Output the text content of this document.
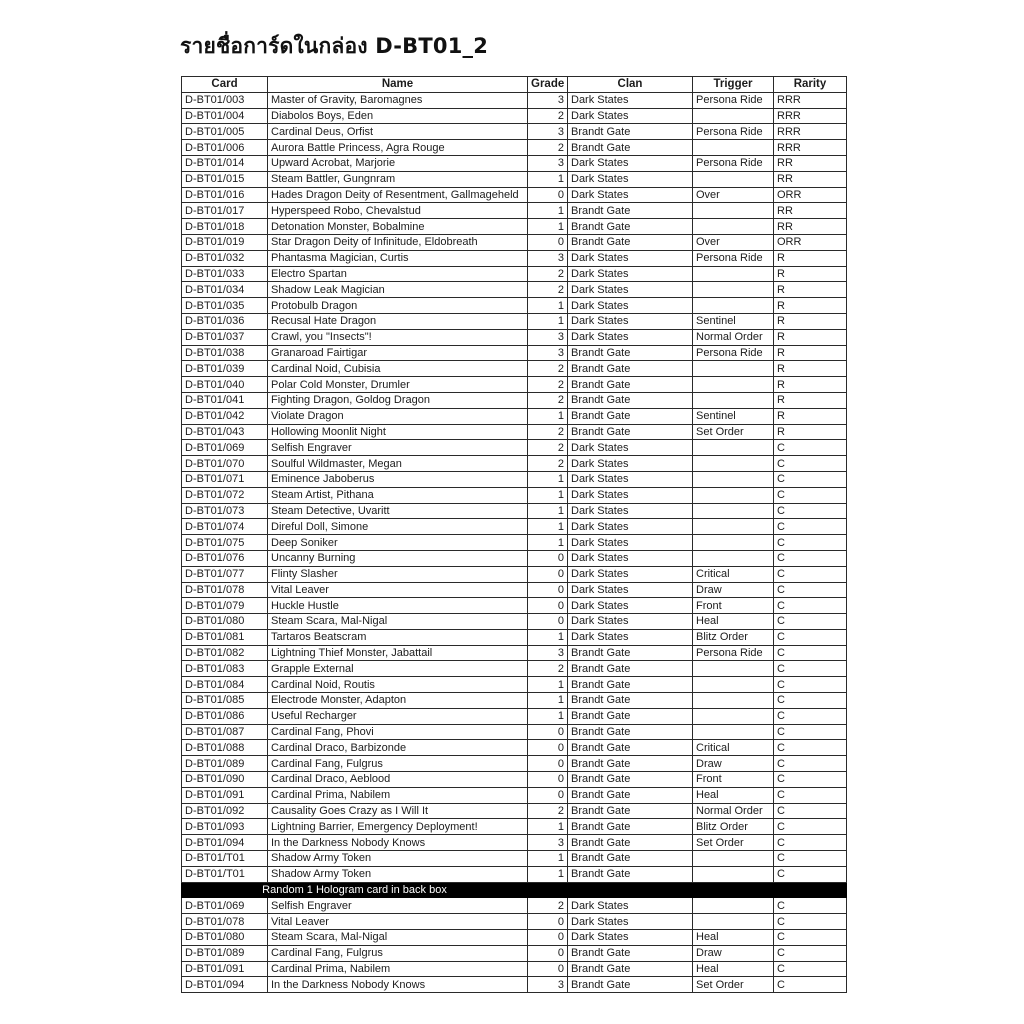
รายชื่อการ์ดในกล่อง D-BT01_2
Card	Name	Grade	Clan	Trigger	Rarity
D-BT01/003	Master of Gravity, Baromagnes	3	Dark States	Persona Ride	RRR
D-BT01/004	Diabolos Boys, Eden	2	Dark States		RRR
D-BT01/005	Cardinal Deus, Orfist	3	Brandt Gate	Persona Ride	RRR
D-BT01/006	Aurora Battle Princess, Agra Rouge	2	Brandt Gate		RRR
D-BT01/014	Upward Acrobat, Marjorie	3	Dark States	Persona Ride	RR
D-BT01/015	Steam Battler, Gungnram	1	Dark States		RR
D-BT01/016	Hades Dragon Deity of Resentment, Gallmageheld	0	Dark States	Over	ORR
D-BT01/017	Hyperspeed Robo, Chevalstud	1	Brandt Gate		RR
D-BT01/018	Detonation Monster, Bobalmine	1	Brandt Gate		RR
D-BT01/019	Star Dragon Deity of Infinitude, Eldobreath	0	Brandt Gate	Over	ORR
D-BT01/032	Phantasma Magician, Curtis	3	Dark States	Persona Ride	R
D-BT01/033	Electro Spartan	2	Dark States		R
D-BT01/034	Shadow Leak Magician	2	Dark States		R
D-BT01/035	Protobulb Dragon	1	Dark States		R
D-BT01/036	Recusal Hate Dragon	1	Dark States	Sentinel	R
D-BT01/037	Crawl, you "Insects"!	3	Dark States	Normal Order	R
D-BT01/038	Granaroad Fairtigar	3	Brandt Gate	Persona Ride	R
D-BT01/039	Cardinal Noid, Cubisia	2	Brandt Gate		R
D-BT01/040	Polar Cold Monster, Drumler	2	Brandt Gate		R
D-BT01/041	Fighting Dragon, Goldog Dragon	2	Brandt Gate		R
D-BT01/042	Violate Dragon	1	Brandt Gate	Sentinel	R
D-BT01/043	Hollowing Moonlit Night	2	Brandt Gate	Set Order	R
D-BT01/069	Selfish Engraver	2	Dark States		C
D-BT01/070	Soulful Wildmaster, Megan	2	Dark States		C
D-BT01/071	Eminence Jaboberus	1	Dark States		C
D-BT01/072	Steam Artist, Pithana	1	Dark States		C
D-BT01/073	Steam Detective, Uvaritt	1	Dark States		C
D-BT01/074	Direful Doll, Simone	1	Dark States		C
D-BT01/075	Deep Soniker	1	Dark States		C
D-BT01/076	Uncanny Burning	0	Dark States		C
D-BT01/077	Flinty Slasher	0	Dark States	Critical	C
D-BT01/078	Vital Leaver	0	Dark States	Draw	C
D-BT01/079	Huckle Hustle	0	Dark States	Front	C
D-BT01/080	Steam Scara, Mal-Nigal	0	Dark States	Heal	C
D-BT01/081	Tartaros Beatscram	1	Dark States	Blitz Order	C
D-BT01/082	Lightning Thief Monster, Jabattail	3	Brandt Gate	Persona Ride	C
D-BT01/083	Grapple External	2	Brandt Gate		C
D-BT01/084	Cardinal Noid, Routis	1	Brandt Gate		C
D-BT01/085	Electrode Monster, Adapton	1	Brandt Gate		C
D-BT01/086	Useful Recharger	1	Brandt Gate		C
D-BT01/087	Cardinal Fang, Phovi	0	Brandt Gate		C
D-BT01/088	Cardinal Draco, Barbizonde	0	Brandt Gate	Critical	C
D-BT01/089	Cardinal Fang, Fulgrus	0	Brandt Gate	Draw	C
D-BT01/090	Cardinal Draco, Aeblood	0	Brandt Gate	Front	C
D-BT01/091	Cardinal Prima, Nabilem	0	Brandt Gate	Heal	C
D-BT01/092	Causality Goes Crazy as I Will It	2	Brandt Gate	Normal Order	C
D-BT01/093	Lightning Barrier, Emergency Deployment!	1	Brandt Gate	Blitz Order	C
D-BT01/094	In the Darkness Nobody Knows	3	Brandt Gate	Set Order	C
D-BT01/T01	Shadow Army Token	1	Brandt Gate		C
D-BT01/T01	Shadow Army Token	1	Brandt Gate		C
Random 1 Hologram card in back box					
D-BT01/069	Selfish Engraver	2	Dark States		C
D-BT01/078	Vital Leaver	0	Dark States		C
D-BT01/080	Steam Scara, Mal-Nigal	0	Dark States	Heal	C
D-BT01/089	Cardinal Fang, Fulgrus	0	Brandt Gate	Draw	C
D-BT01/091	Cardinal Prima, Nabilem	0	Brandt Gate	Heal	C
D-BT01/094	In the Darkness Nobody Knows	3	Brandt Gate	Set Order	C
